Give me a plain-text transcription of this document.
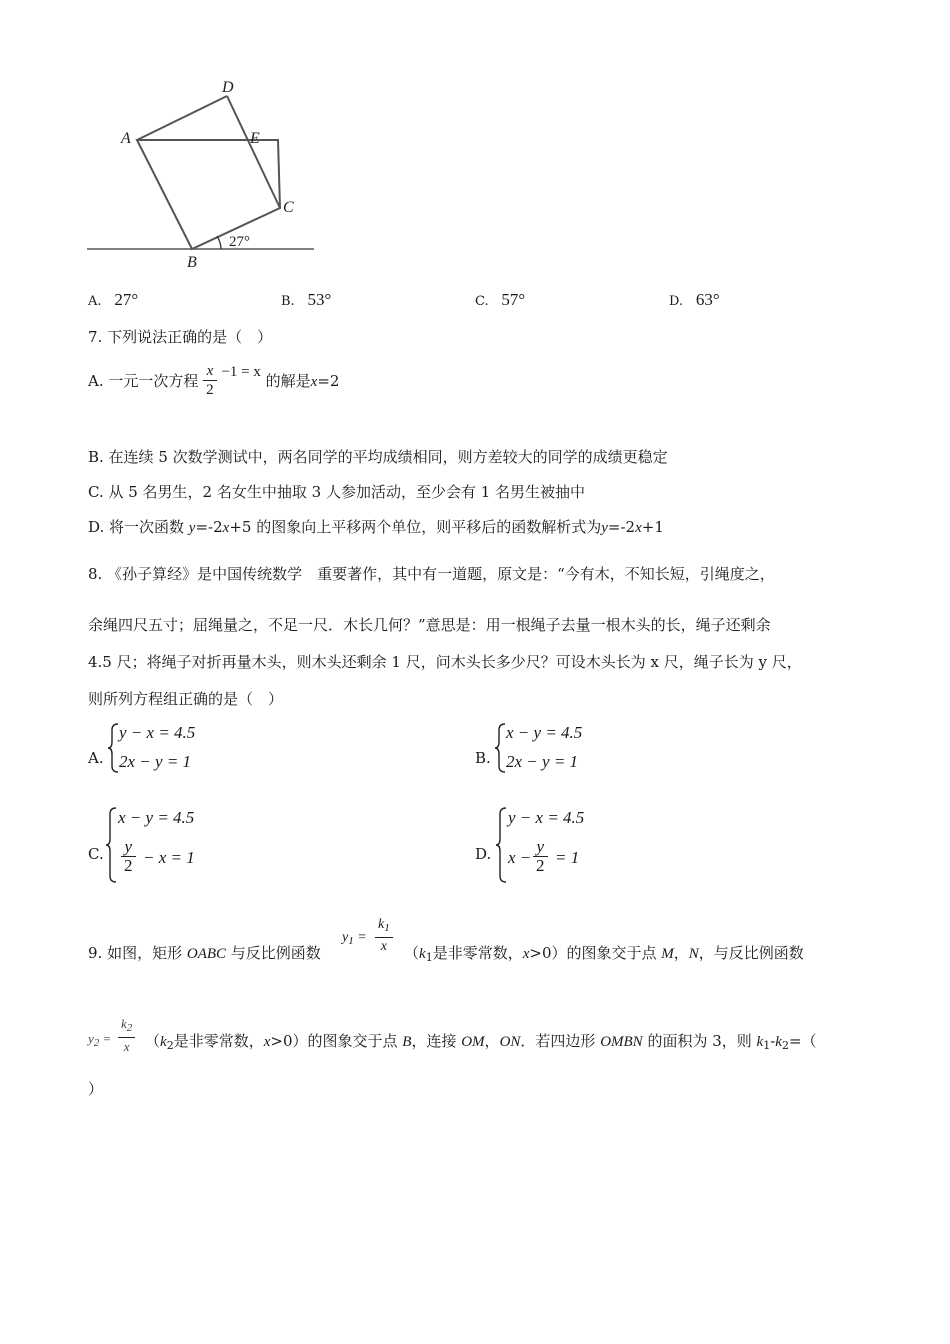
D
A	E
C
B
27°
A. 27°	B. 53°	C. 57°	D. 63°
7. 下列说法正确的是（　）
A. 一元一次方程 $\frac{x}{2} -1 = x$ 的解是x=2
B. 在连续 5 次数学测试中，两名同学的平均成绩相同，则方差较大的同学的成绩更稳定
C. 从 5 名男生，2 名女生中抽取 3 人参加活动，至少会有 1 名男生被抽中
D. 将一次函数 y=-2x+5 的图象向上平移两个单位，则平移后的函数解析式为y=-2x+1
8. 《孙子算经》是中国传统数学　重要著作，其中有一道题，原文是：“今有木，不知长短，引绳度之，
余绳四尺五寸；屈绳量之，不足一尺．木长几何？”意思是：用一根绳子去量一根木头的长，绳子还剩余
4.5 尺；将绳子对折再量木头，则木头还剩余 1 尺，问木头长多少尺？可设木头长为 x 尺，绳子长为 y 尺，
则所列方程组正确的是（　）
A.
y − x = 4.5
2x − y = 1	B.
x − y = 4.5
2x − y = 1
C.
x − y = 4.5
$\frac{y}{2} - x = 1$	D.
y − x = 4.5
$x - \frac{y}{2} = 1$
9. 如图，矩形 OABC 与反比例函数
$y_1 = \frac{k_1}{x} (k_1$是非零常数，x>0）的图象交于点 M，N，与反比例函数
$y_2 = \frac{k_2}{x} (k_2$是非零常数，x>0）的图象交于点 B，连接 OM，ON．若四边形 OMBN 的面积为 3，则 $k_1-k_2=$（
）
